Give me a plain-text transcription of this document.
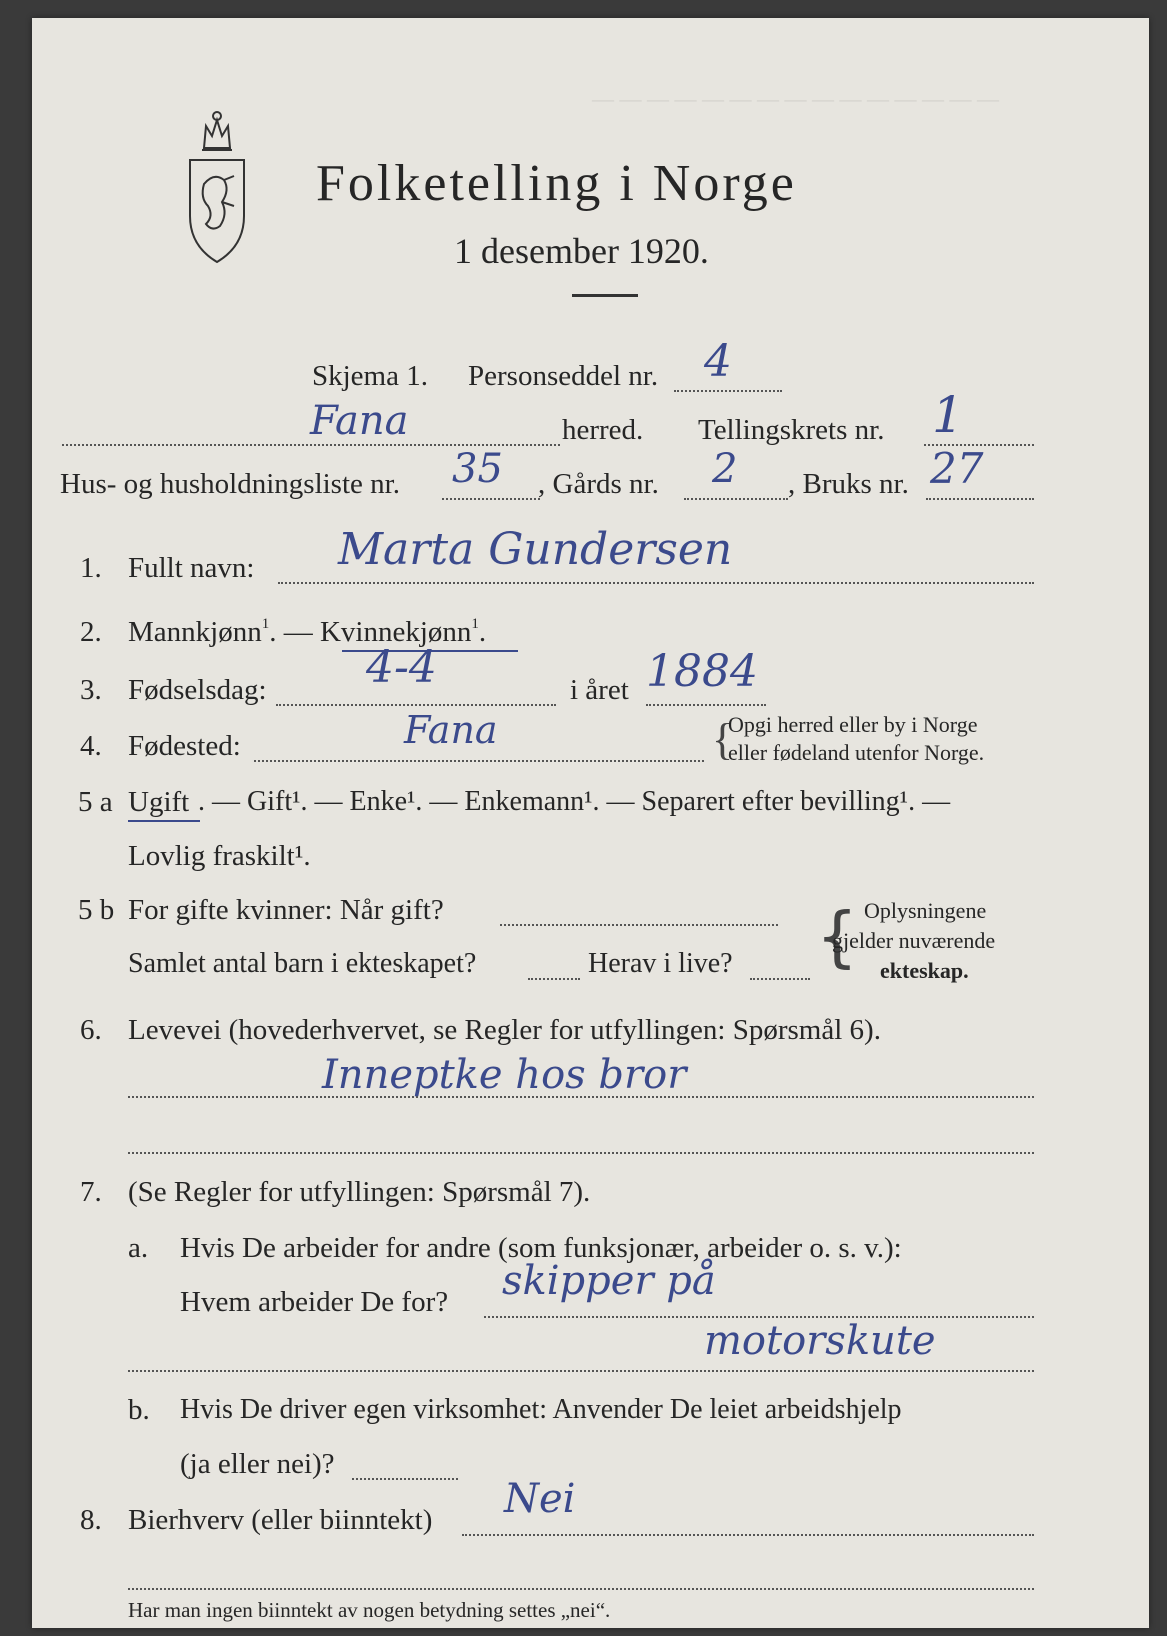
— — — — — — — — — — — — — — —
Folketelling i Norge
1 desember 1920.
Skjema 1. Personseddel nr. 4
Fana	herred. Tellingskrets nr. 1
Hus- og husholdningsliste nr. 35 , Gårds nr. 2 , Bruks nr. 27
1. Fullt navn: Marta Gundersen
2. Mannkjønn$^1$. — Kvinnekjønn$^1$.
3. Fødselsdag: 4-4	i året 1884
4. Fødested:	Fana	{
Opgi herred eller by i Norge
eller fødeland utenfor Norge.
5 a Ugift . — Gift¹. — Enke¹. — Enkemann¹. — Separert efter bevilling¹. —
Lovlig fraskilt¹.
5 b For gifte kvinner: Når gift?
Samlet antal barn i ekteskapet?	Herav i live? { Oplysningene
gjelder nuværende
ekteskap.
6. Levevei (hovederhvervet, se Regler for utfyllingen: Spørsmål 6).
Inneptke hos bror
7. (Se Regler for utfyllingen: Spørsmål 7).
a. Hvis De arbeider for andre (som funksjonær, arbeider o. s. v.):
Hvem arbeider De for? skipper på
motorskute
b. Hvis De driver egen virksomhet: Anvender De leiet arbeidshjelp
(ja eller nei)?
8. Bierhverv (eller biinntekt) Nei
Har man ingen biinntekt av nogen betydning settes „nei“.
